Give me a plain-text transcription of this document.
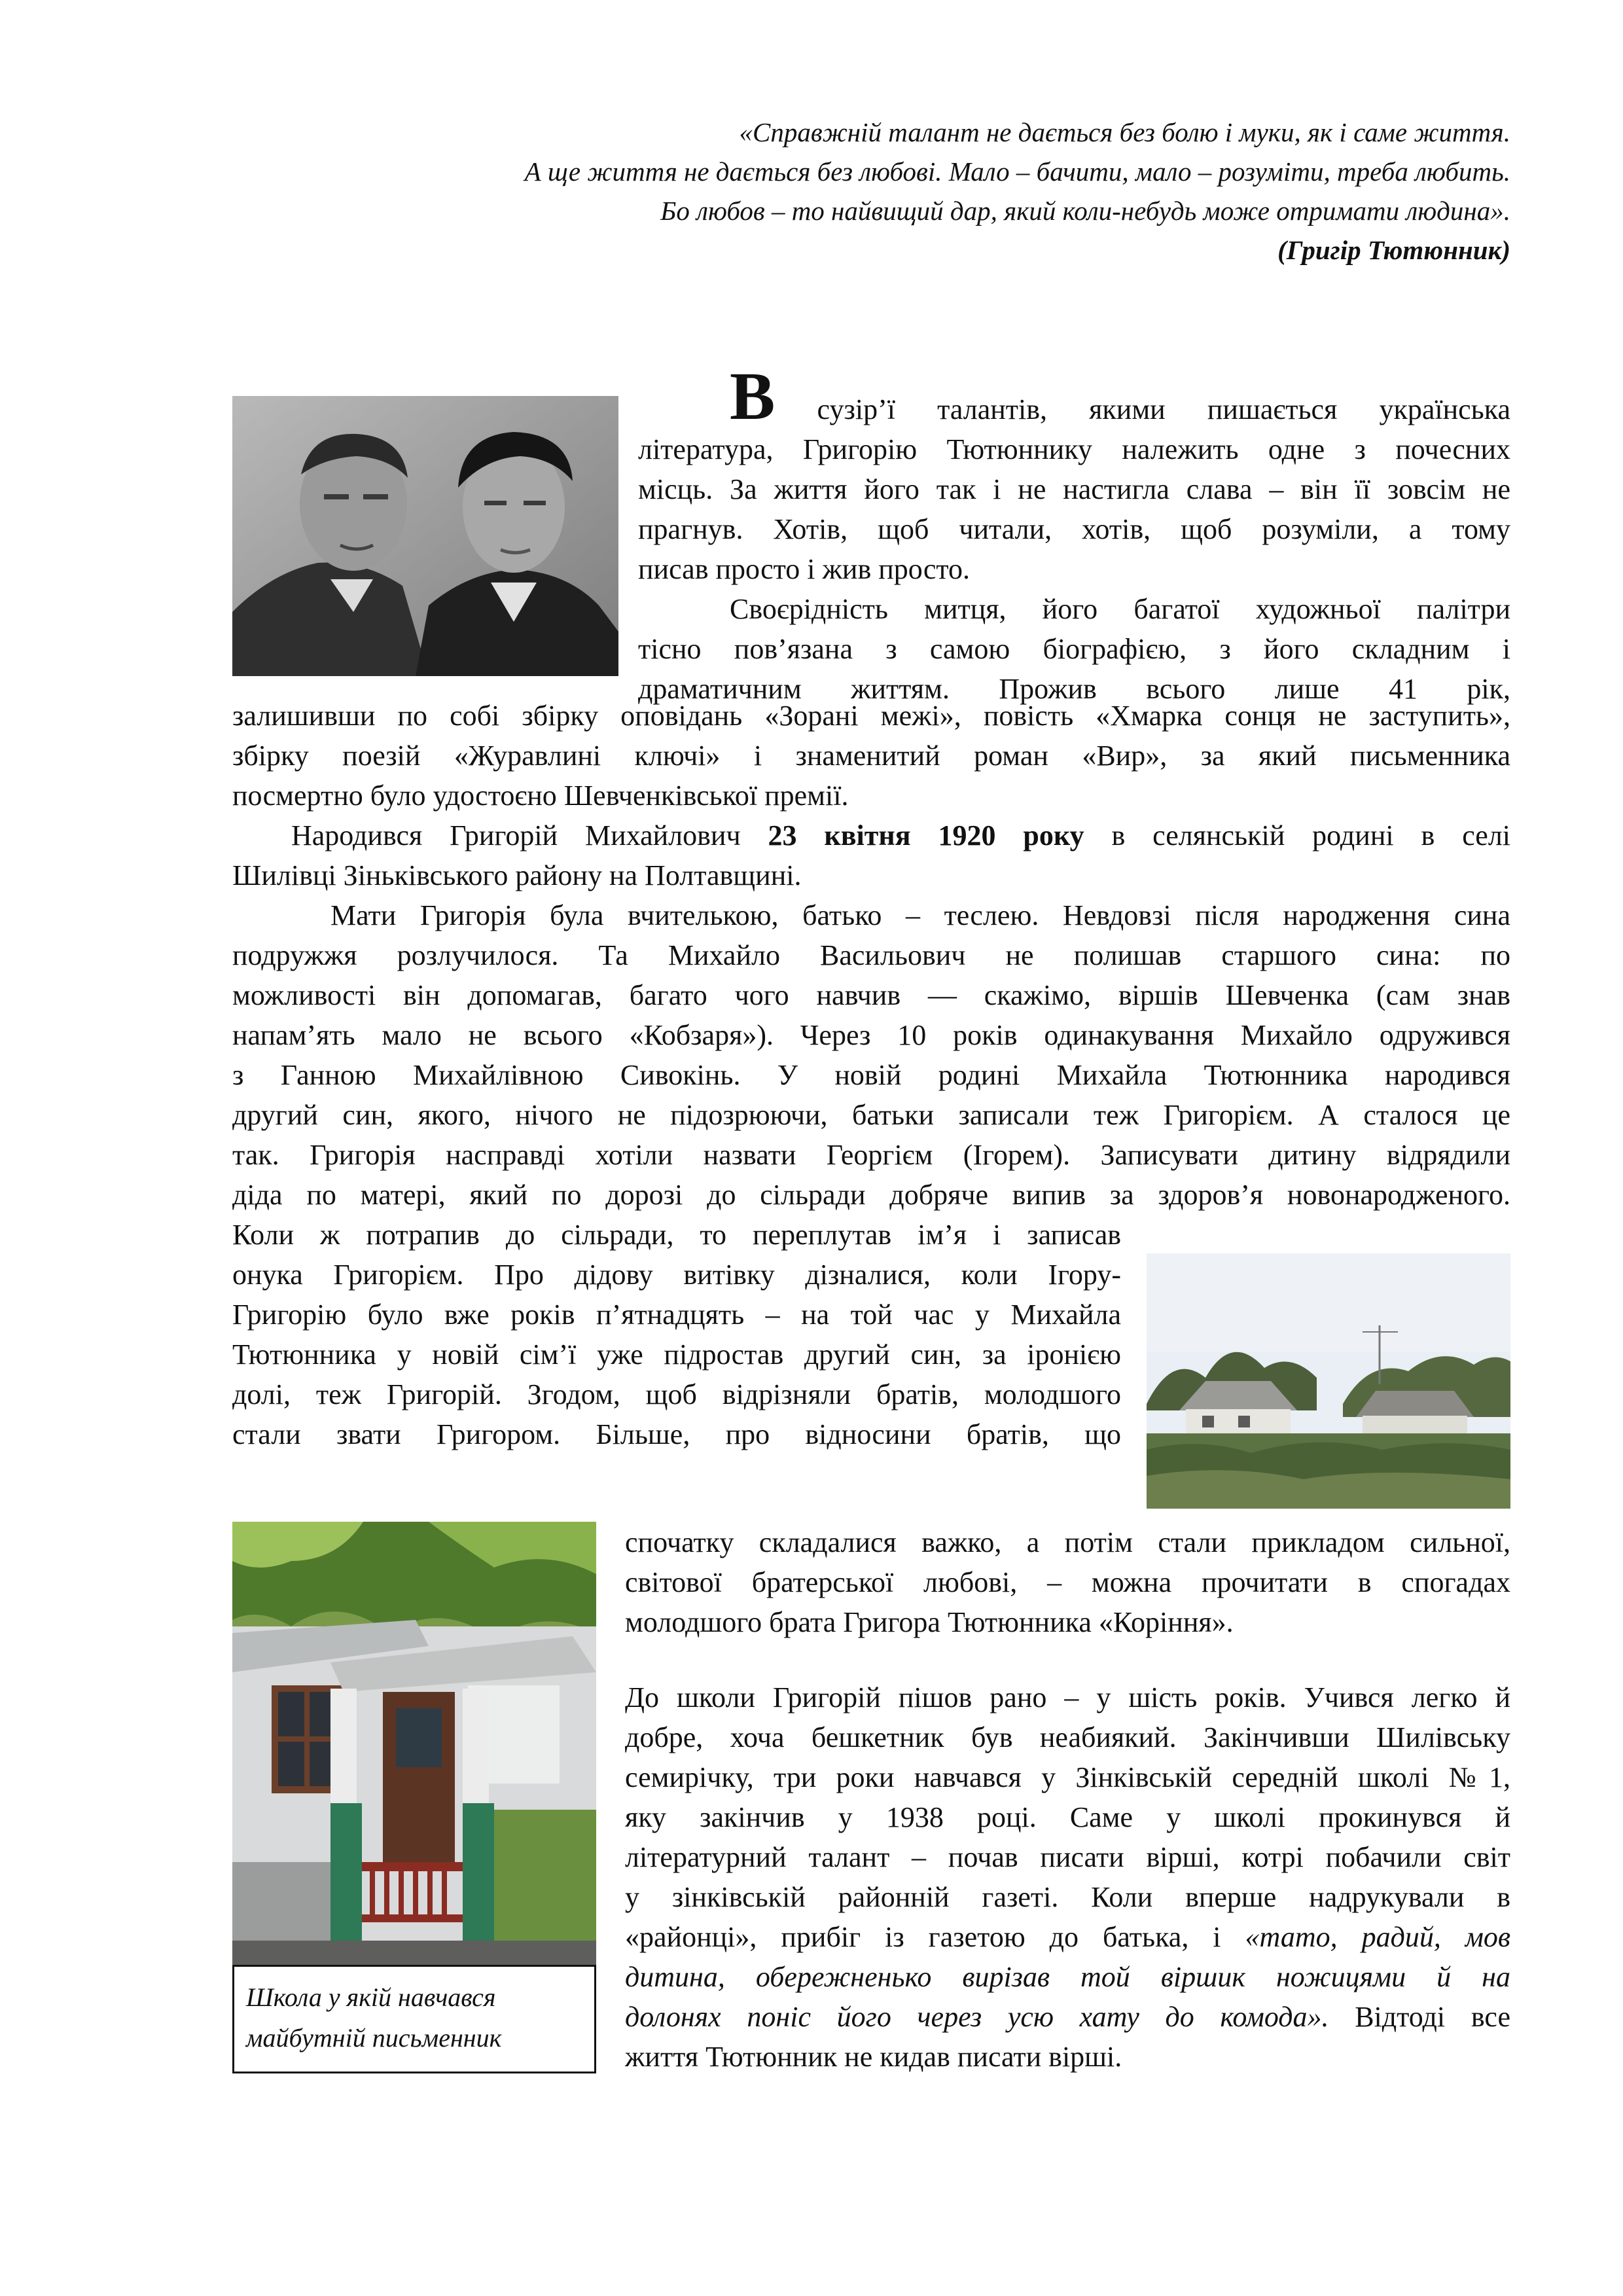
«Справжній талант не дається без болю і муки, як і саме життя.
А ще життя не дається без любові. Мало – бачити, мало – розуміти, треба любить.
Бо любов – то найвищий дар, який коли-небудь може отримати людина».
(Григір Тютюнник)
В сузір’ї талантів, якими пишається українська
література, Григорію Тютюннику належить одне з почесних
місць. За життя його так і не настигла слава – він її зовсім не
прагнув. Хотів, щоб читали, хотів, щоб розуміли, а тому
писав просто і жив просто.
Своєрідність митця, його багатої художньої палітри
тісно пов’язана з самою біографією, з його складним і
драматичним життям. Прожив всього лише 41 рік,
залишивши по собі збірку оповідань «Зорані межі», повість «Хмарка сонця не заступить»,
збірку поезій «Журавлині ключі» і знаменитий роман «Вир», за який письменника
посмертно було удостоєно Шевченківської премії.
Народився Григорій Михайлович 23 квітня 1920 року в селянській родині в селі
Шилівці Зіньківського району на Полтавщині.
Мати Григорія була вчителькою, батько – теслею. Невдовзі після народження сина
подружжя розлучилося. Та Михайло Васильович не полишав старшого сина: по
можливості він допомагав, багато чого навчив — скажімо, віршів Шевченка (сам знав
напам’ять мало не всього «Кобзаря»). Через 10 років одинакування Михайло одружився
з Ганною Михайлівною Сивокінь. У новій родині Михайла Тютюнника народився
другий син, якого, нічого не підозрюючи, батьки записали теж Григорієм. А сталося це
так. Григорія насправді хотіли назвати Георгієм (Ігорем). Записувати дитину відрядили
діда по матері, який по дорозі до сільради добряче випив за здоров’я новонародженого.
Коли ж потрапив до сільради, то переплутав ім’я і записав
онука Григорієм. Про дідову витівку дізналися, коли Ігору-
Григорію було вже років п’ятнадцять – на той час у Михайла
Тютюнника у новій сім’ї уже підростав другий син, за іронією
долі, теж Григорій. Згодом, щоб відрізняли братів, молодшого
стали звати Григором. Більше, про відносини братів, що
Школа у якій навчався
майбутній письменник
спочатку складалися важко, а потім стали прикладом сильної,
світової братерської любові, – можна прочитати в спогадах
молодшого брата Григора Тютюнника «Коріння».
До школи Григорій пішов рано – у шість років. Учився легко й
добре, хоча бешкетник був неабиякий. Закінчивши Шилівську
семирічку, три роки навчався у Зінківській середній школі №1,
яку закінчив у 1938 році. Саме у школі прокинувся й
літературний талант – почав писати вірші, котрі побачили світ
у зінківській районній газеті. Коли вперше надрукували в
«районці», прибіг із газетою до батька, і «тато, радий, мов
дитина, обережненько вирізав той віршик ножицями й на
долонях поніс його через усю хату до комода». Відтоді все
життя Тютюнник не кидав писати вірші.
